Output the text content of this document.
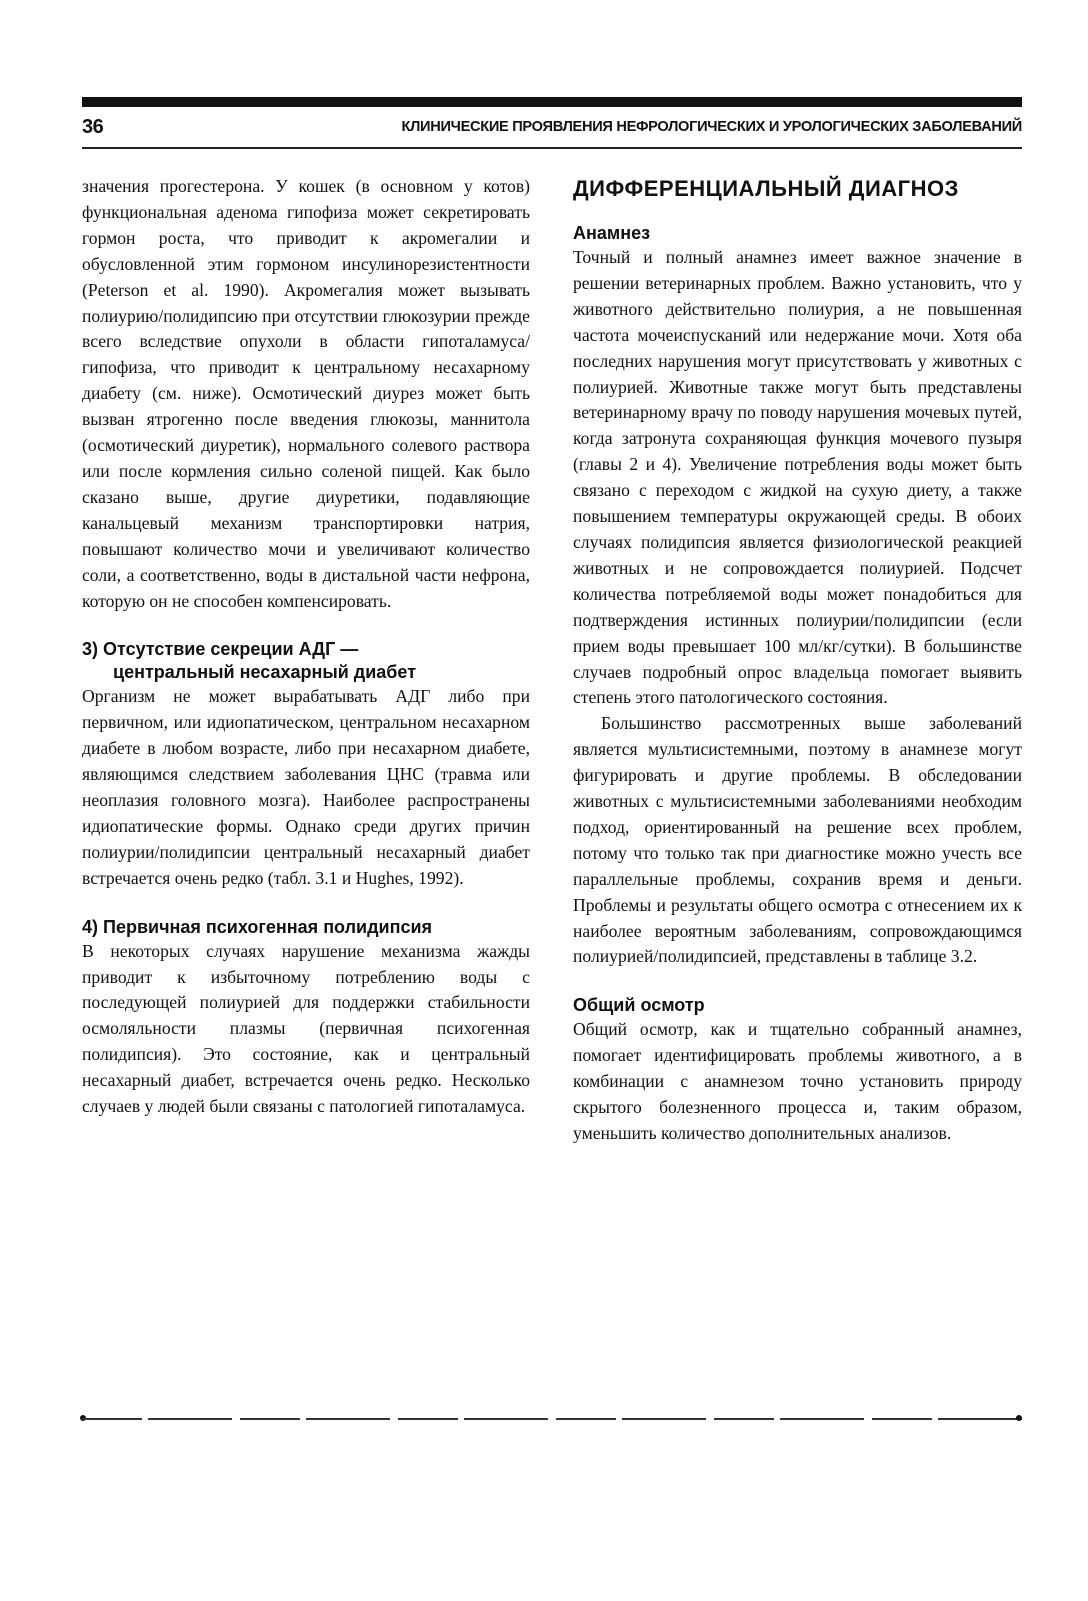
36	КЛИНИЧЕСКИЕ ПРОЯВЛЕНИЯ НЕФРОЛОГИЧЕСКИХ И УРОЛОГИЧЕСКИХ ЗАБОЛЕВАНИЙ

значения прогестерона. У кошек (в основном у котов) функциональная аденома гипофиза может секретировать гормон роста, что приводит к акромегалии и обусловленной этим гормоном инсулинорезистентности (Peterson et al. 1990). Акромегалия может вызывать полиурию/полидипсию при отсутствии глюкозурии прежде всего вследствие опухоли в области гипоталамуса/гипофиза, что приводит к центральному несахарному диабету (см. ниже). Осмотический диурез может быть вызван ятрогенно после введения глюкозы, маннитола (осмотический диуретик), нормального солевого раствора или после кормления сильно соленой пищей. Как было сказано выше, другие диуретики, подавляющие канальцевый механизм транспортировки натрия, повышают количество мочи и увеличивают количество соли, а соответственно, воды в дистальной части нефрона, которую он не способен компенсировать.

3) Отсутствие секреции АДГ —
центральный несахарный диабет

Организм не может вырабатывать АДГ либо при первичном, или идиопатическом, центральном несахарном диабете в любом возрасте, либо при несахарном диабете, являющимся следствием заболевания ЦНС (травма или неоплазия головного мозга). Наиболее распространены идиопатические формы. Однако среди других причин полиурии/полидипсии центральный несахарный диабет встречается очень редко (табл. 3.1 и Hughes, 1992).

4) Первичная психогенная полидипсия

В некоторых случаях нарушение механизма жажды приводит к избыточному потреблению воды с последующей полиурией для поддержки стабильности осмоляльности плазмы (первичная психогенная полидипсия). Это состояние, как и центральный несахарный диабет, встречается очень редко. Несколько случаев у людей были связаны с патологией гипоталамуса.

ДИФФЕРЕНЦИАЛЬНЫЙ ДИАГНОЗ
Анамнез

Точный и полный анамнез имеет важное значение в решении ветеринарных проблем. Важно установить, что у животного действительно полиурия, а не повышенная частота мочеиспусканий или недержание мочи. Хотя оба последних нарушения могут присутствовать у животных с полиурией. Животные также могут быть представлены ветеринарному врачу по поводу нарушения мочевых путей, когда затронута сохраняющая функция мочевого пузыря (главы 2 и 4). Увеличение потребления воды может быть связано с переходом с жидкой на сухую диету, а также повышением температуры окружающей среды. В обоих случаях полидипсия является физиологической реакцией животных и не сопровождается полиурией. Подсчет количества потребляемой воды может понадобиться для подтверждения истинных полиурии/полидипсии (если прием воды превышает 100 мл/кг/сутки). В большинстве случаев подробный опрос владельца помогает выявить степень этого патологического состояния.

Большинство рассмотренных выше заболеваний является мультисистемными, поэтому в анамнезе могут фигурировать и другие проблемы. В обследовании животных с мультисистемными заболеваниями необходим подход, ориентированный на решение всех проблем, потому что только так при диагностике можно учесть все параллельные проблемы, сохранив время и деньги. Проблемы и результаты общего осмотра с отнесением их к наиболее вероятным заболеваниям, сопровождающимся полиурией/полидипсией, представлены в таблице 3.2.

Общий осмотр

Общий осмотр, как и тщательно собранный анамнез, помогает идентифицировать проблемы животного, а в комбинации с анамнезом точно установить природу скрытого болезненного процесса и, таким образом, уменьшить количество дополнительных анализов.
